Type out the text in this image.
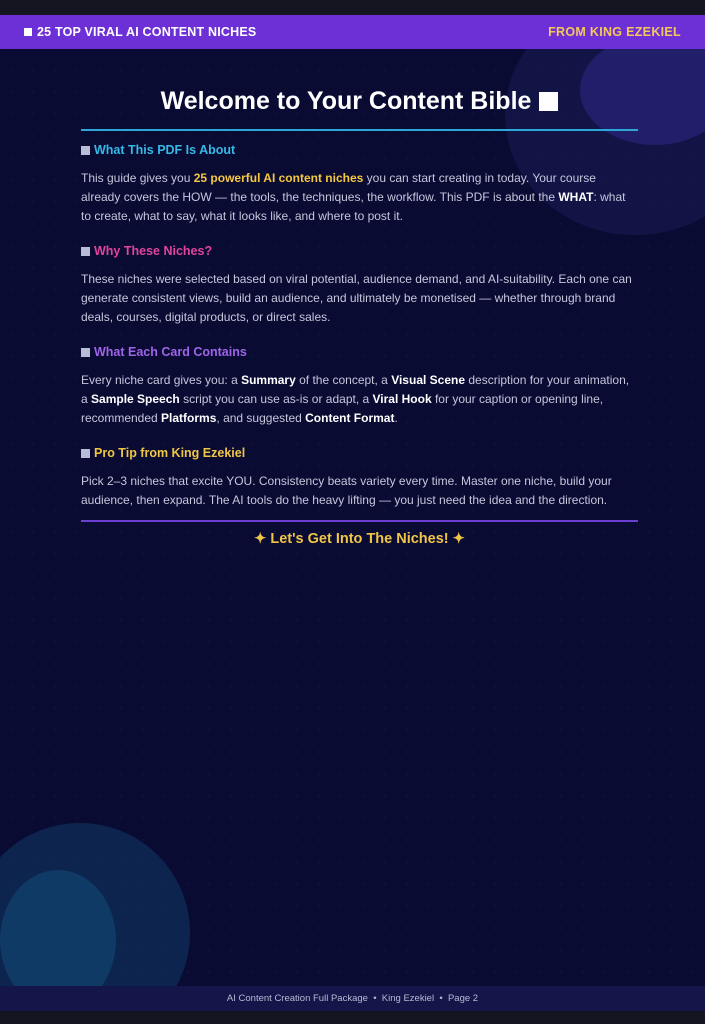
25 TOP VIRAL AI CONTENT NICHES	FROM KING EZEKIEL
Welcome to Your Content Bible
What This PDF Is About
This guide gives you 25 powerful AI content niches you can start creating in today. Your course already covers the HOW — the tools, the techniques, the workflow. This PDF is about the WHAT: what to create, what to say, what it looks like, and where to post it.
Why These Niches?
These niches were selected based on viral potential, audience demand, and AI-suitability. Each one can generate consistent views, build an audience, and ultimately be monetised — whether through brand deals, courses, digital products, or direct sales.
What Each Card Contains
Every niche card gives you: a Summary of the concept, a Visual Scene description for your animation, a Sample Speech script you can use as-is or adapt, a Viral Hook for your caption or opening line, recommended Platforms, and suggested Content Format.
Pro Tip from King Ezekiel
Pick 2–3 niches that excite YOU. Consistency beats variety every time. Master one niche, build your audience, then expand. The AI tools do the heavy lifting — you just need the idea and the direction.
✦ Let's Get Into The Niches! ✦
AI Content Creation Full Package  •  King Ezekiel  •  Page 2
